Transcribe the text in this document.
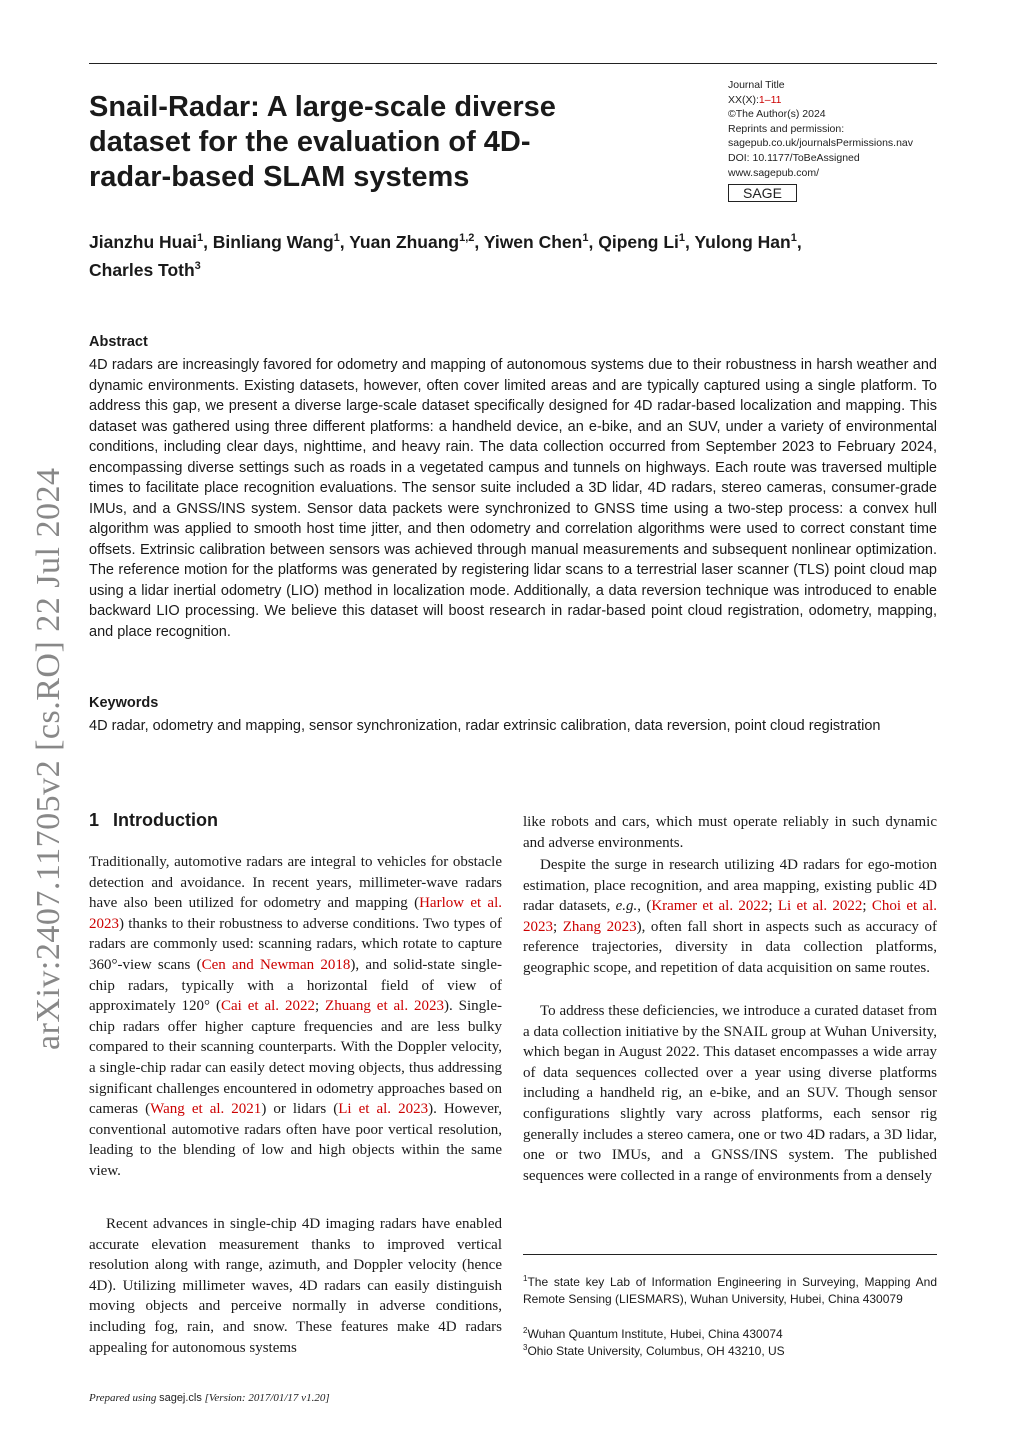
Snail-Radar: A large-scale diverse dataset for the evaluation of 4D-radar-based SLAM systems
Journal Title
XX(X):1–11
©The Author(s) 2024
Reprints and permission:
sagepub.co.uk/journalsPermissions.nav
DOI: 10.1177/ToBeAssigned
www.sagepub.com/
SAGE
Jianzhu Huai$^1$, Binliang Wang$^1$, Yuan Zhuang$^{1,2}$, Yiwen Chen$^1$, Qipeng Li$^1$, Yulong Han$^1$,
Charles Toth$^3$
Abstract
4D radars are increasingly favored for odometry and mapping of autonomous systems due to their robustness in harsh weather and dynamic environments. Existing datasets, however, often cover limited areas and are typically captured using a single platform. To address this gap, we present a diverse large-scale dataset specifically designed for 4D radar-based localization and mapping. This dataset was gathered using three different platforms: a handheld device, an e-bike, and an SUV, under a variety of environmental conditions, including clear days, nighttime, and heavy rain. The data collection occurred from September 2023 to February 2024, encompassing diverse settings such as roads in a vegetated campus and tunnels on highways. Each route was traversed multiple times to facilitate place recognition evaluations. The sensor suite included a 3D lidar, 4D radars, stereo cameras, consumer-grade IMUs, and a GNSS/INS system. Sensor data packets were synchronized to GNSS time using a two-step process: a convex hull algorithm was applied to smooth host time jitter, and then odometry and correlation algorithms were used to correct constant time offsets. Extrinsic calibration between sensors was achieved through manual measurements and subsequent nonlinear optimization. The reference motion for the platforms was generated by registering lidar scans to a terrestrial laser scanner (TLS) point cloud map using a lidar inertial odometry (LIO) method in localization mode. Additionally, a data reversion technique was introduced to enable backward LIO processing. We believe this dataset will boost research in radar-based point cloud registration, odometry, mapping, and place recognition.
Keywords
4D radar, odometry and mapping, sensor synchronization, radar extrinsic calibration, data reversion, point cloud registration
1 Introduction

Traditionally, automotive radars are integral to vehicles for obstacle detection and avoidance. In recent years, millimeter-wave radars have also been utilized for odometry and mapping (Harlow et al. 2023) thanks to their robustness to adverse conditions. Two types of radars are commonly used: scanning radars, which rotate to capture 360°-view scans (Cen and Newman 2018), and solid-state single-chip radars, typically with a horizontal field of view of approximately 120° (Cai et al. 2022; Zhuang et al. 2023). Single-chip radars offer higher capture frequencies and are less bulky compared to their scanning counterparts. With the Doppler velocity, a single-chip radar can easily detect moving objects, thus addressing significant challenges encountered in odometry approaches based on cameras (Wang et al. 2021) or lidars (Li et al. 2023). However, conventional automotive radars often have poor vertical resolution, leading to the blending of low and high objects within the same view.

Recent advances in single-chip 4D imaging radars have enabled accurate elevation measurement thanks to improved vertical resolution along with range, azimuth, and Doppler velocity (hence 4D). Utilizing millimeter waves, 4D radars can easily distinguish moving objects and perceive normally in adverse conditions, including fog, rain, and snow. These features make 4D radars appealing for autonomous systems

like robots and cars, which must operate reliably in such dynamic and adverse environments.

Despite the surge in research utilizing 4D radars for ego-motion estimation, place recognition, and area mapping, existing public 4D radar datasets, e.g., (Kramer et al. 2022; Li et al. 2022; Choi et al. 2023; Zhang 2023), often fall short in aspects such as accuracy of reference trajectories, diversity in data collection platforms, geographic scope, and repetition of data acquisition on same routes.

To address these deficiencies, we introduce a curated dataset from a data collection initiative by the SNAIL group at Wuhan University, which began in August 2022. This dataset encompasses a wide array of data sequences collected over a year using diverse platforms including a handheld rig, an e-bike, and an SUV. Though sensor configurations slightly vary across platforms, each sensor rig generally includes a stereo camera, one or two 4D radars, a 3D lidar, one or two IMUs, and a GNSS/INS system. The published sequences were collected in a range of environments from a densely

$^1$The state key Lab of Information Engineering in Surveying, Mapping And Remote Sensing (LIESMARS), Wuhan University, Hubei, China 430079
$^2$Wuhan Quantum Institute, Hubei, China 430074
$^3$Ohio State University, Columbus, OH 43210, US
Prepared using sagej.cls [Version: 2017/01/17 v1.20]
arXiv:2407.11705v2 [cs.RO] 22 Jul 2024
